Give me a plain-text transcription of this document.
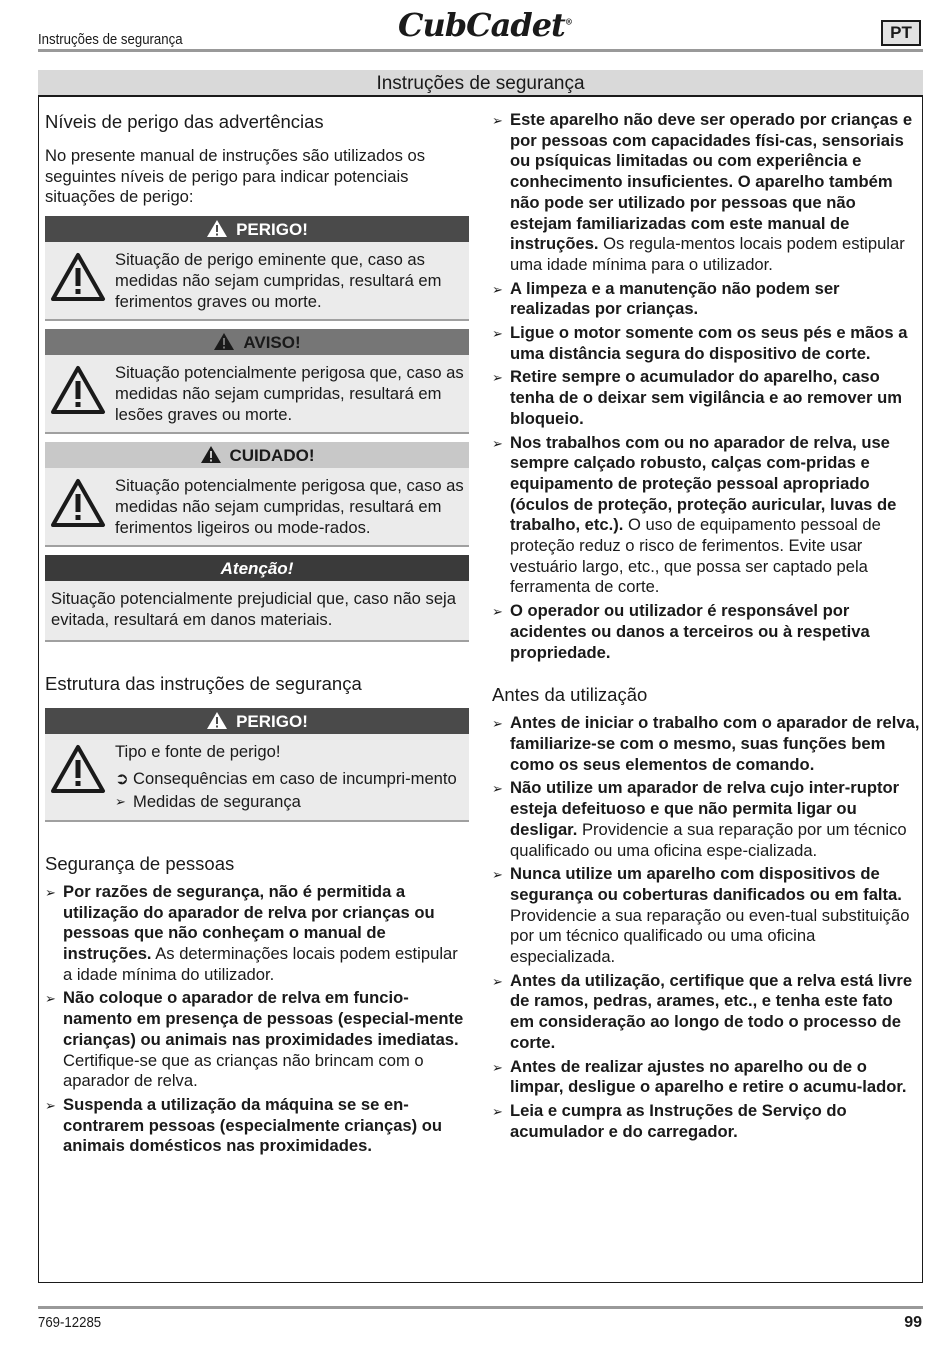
Instruções de segurança	CubCadet®
PT
Instruções de segurança
Níveis de perigo das advertências

No presente manual de instruções são utilizados os seguintes níveis de perigo para indicar potenciais situações de perigo:

PERIGO!
Situação de perigo eminente que, caso as medidas não sejam cumpridas, resultará em ferimentos graves ou morte.
AVISO!
Situação potencialmente perigosa que, caso as medidas não sejam cumpridas, resultará em lesões graves ou morte.
CUIDADO!
Situação potencialmente perigosa que, caso as medidas não sejam cumpridas, resultará em ferimentos ligeiros ou mode-rados.
Atenção!
Situação potencialmente prejudicial que, caso não seja evitada, resultará em danos materiais.
Estrutura das instruções de segurança
PERIGO!
Tipo e fonte de perigo!
➲ Consequências em caso de incumpri-mento
➢ Medidas de segurança
Segurança de pessoas
➢ Por razões de segurança, não é permitida a utilização do aparador de relva por crianças ou pessoas que não conheçam o manual de instruções. As determinações locais podem estipular a idade mínima do utilizador.
➢ Não coloque o aparador de relva em funcio-namento em presença de pessoas (especial-mente crianças) ou animais nas proximidades imediatas. Certifique-se que as crianças não brincam com o aparador de relva.
➢ Suspenda a utilização da máquina se se en-contrarem pessoas (especialmente crianças) ou animais domésticos nas proximidades.
➢ Este aparelho não deve ser operado por crianças e por pessoas com capacidades físi-cas, sensoriais ou psíquicas limitadas ou com experiência e conhecimento insuficientes. O aparelho também não pode ser utilizado por pessoas que não estejam familiarizadas com este manual de instruções. Os regula-mentos locais podem estipular uma idade mínima para o utilizador.
➢ A limpeza e a manutenção não podem ser realizadas por crianças.
➢ Ligue o motor somente com os seus pés e mãos a uma distância segura do dispositivo de corte.
➢ Retire sempre o acumulador do aparelho, caso tenha de o deixar sem vigilância e ao remover um bloqueio.
➢ Nos trabalhos com ou no aparador de relva, use sempre calçado robusto, calças com-pridas e equipamento de proteção pessoal apropriado (óculos de proteção, proteção auricular, luvas de trabalho, etc.). O uso de equipamento pessoal de proteção reduz o risco de ferimentos. Evite usar vestuário largo, etc., que possa ser captado pela ferramenta de corte.
➢ O operador ou utilizador é responsável por acidentes ou danos a terceiros ou à respetiva propriedade.
Antes da utilização
➢ Antes de iniciar o trabalho com o aparador de relva, familiarize-se com o mesmo, suas funções bem como os seus elementos de comando.
➢ Não utilize um aparador de relva cujo inter-ruptor esteja defeituoso e que não permita ligar ou desligar. Providencie a sua reparação por um técnico qualificado ou uma oficina espe-cializada.
➢ Nunca utilize um aparelho com dispositivos de segurança ou coberturas danificados ou em falta. Providencie a sua reparação ou even-tual substituição por um técnico qualificado ou uma oficina especializada.
➢ Antes da utilização, certifique que a relva está livre de ramos, pedras, arames, etc., e tenha este fato em consideração ao longo de todo o processo de corte.
➢ Antes de realizar ajustes no aparelho ou de o limpar, desligue o aparelho e retire o acumu-lador.
➢ Leia e cumpra as Instruções de Serviço do acumulador e do carregador.
769-12285	99
